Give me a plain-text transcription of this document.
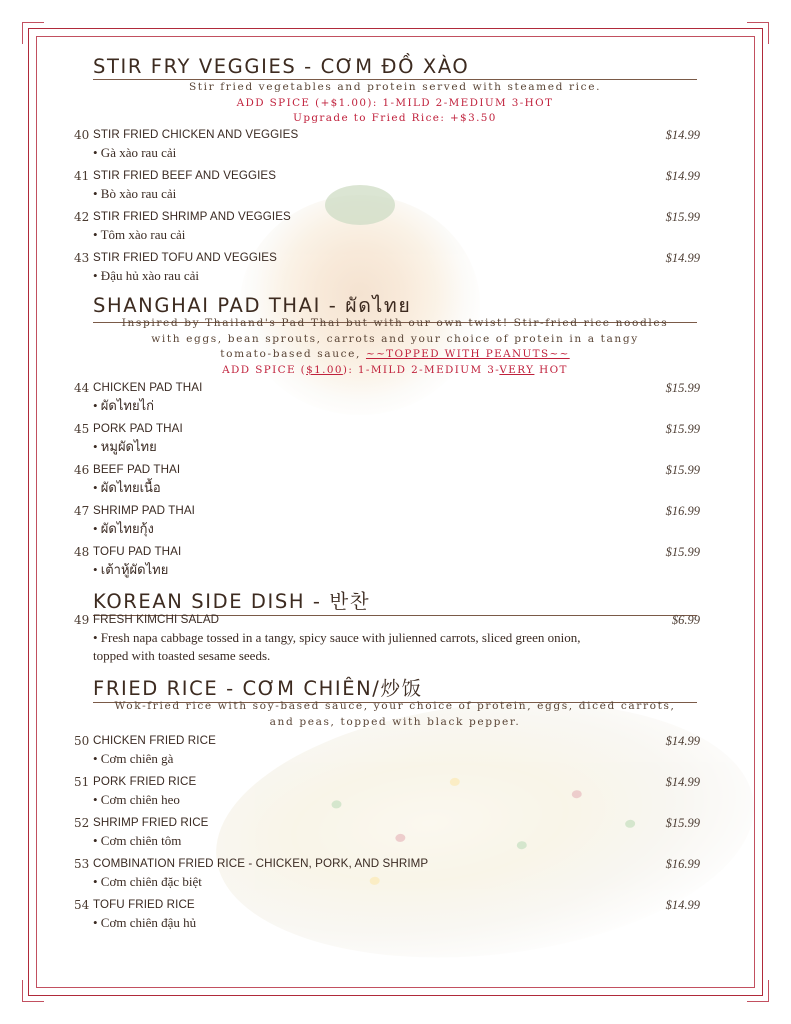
STIR FRY VEGGIES - CƠM ĐỒ XÀO
Stir fried vegetables and protein served with steamed rice.
ADD SPICE (+$1.00): 1-MILD 2-MEDIUM 3-HOT
Upgrade to Fried Rice: +$3.50
40 STIR FRIED CHICKEN AND VEGGIES	$14.99
• Gà xào rau cải
41 STIR FRIED BEEF AND VEGGIES	$14.99
• Bò xào rau cải
42 STIR FRIED SHRIMP AND VEGGIES	$15.99
• Tôm xào rau cải
43 STIR FRIED TOFU AND VEGGIES	$14.99
• Đậu hủ xào rau cải
SHANGHAI PAD THAI - ผัดไทย
Inspired by Thailand's Pad Thai but with our own twist! Stir-fried rice noodles
with eggs, bean sprouts, carrots and your choice of protein in a tangy
tomato-based sauce, ~~TOPPED WITH PEANUTS~~
ADD SPICE ($1.00): 1-MILD 2-MEDIUM 3-VERY HOT
44 CHICKEN PAD THAI	$15.99
• ผัดไทยไก่
45 PORK PAD THAI	$15.99
• หมูผัดไทย
46 BEEF PAD THAI	$15.99
• ผัดไทยเนื้อ
47 SHRIMP PAD THAI	$16.99
• ผัดไทยกุ้ง
48 TOFU PAD THAI	$15.99
• เต้าหู้ผัดไทย
KOREAN SIDE DISH - 반찬
49 FRESH KIMCHI SALAD	$6.99
• Fresh napa cabbage tossed in a tangy, spicy sauce with julienned carrots, sliced green onion, topped with toasted sesame seeds.
FRIED RICE - CƠM CHIÊN/炒饭
Wok-fried rice with soy-based sauce, your choice of protein, eggs, diced carrots,
and peas, topped with black pepper.
50 CHICKEN FRIED RICE	$14.99
• Cơm chiên gà
51 PORK FRIED RICE	$14.99
• Cơm chiên heo
52 SHRIMP FRIED RICE	$15.99
• Cơm chiên tôm
53 COMBINATION FRIED RICE - CHICKEN, PORK, AND SHRIMP	$16.99
• Cơm chiên đặc biệt
54 TOFU FRIED RICE	$14.99
• Cơm chiên đậu hủ
